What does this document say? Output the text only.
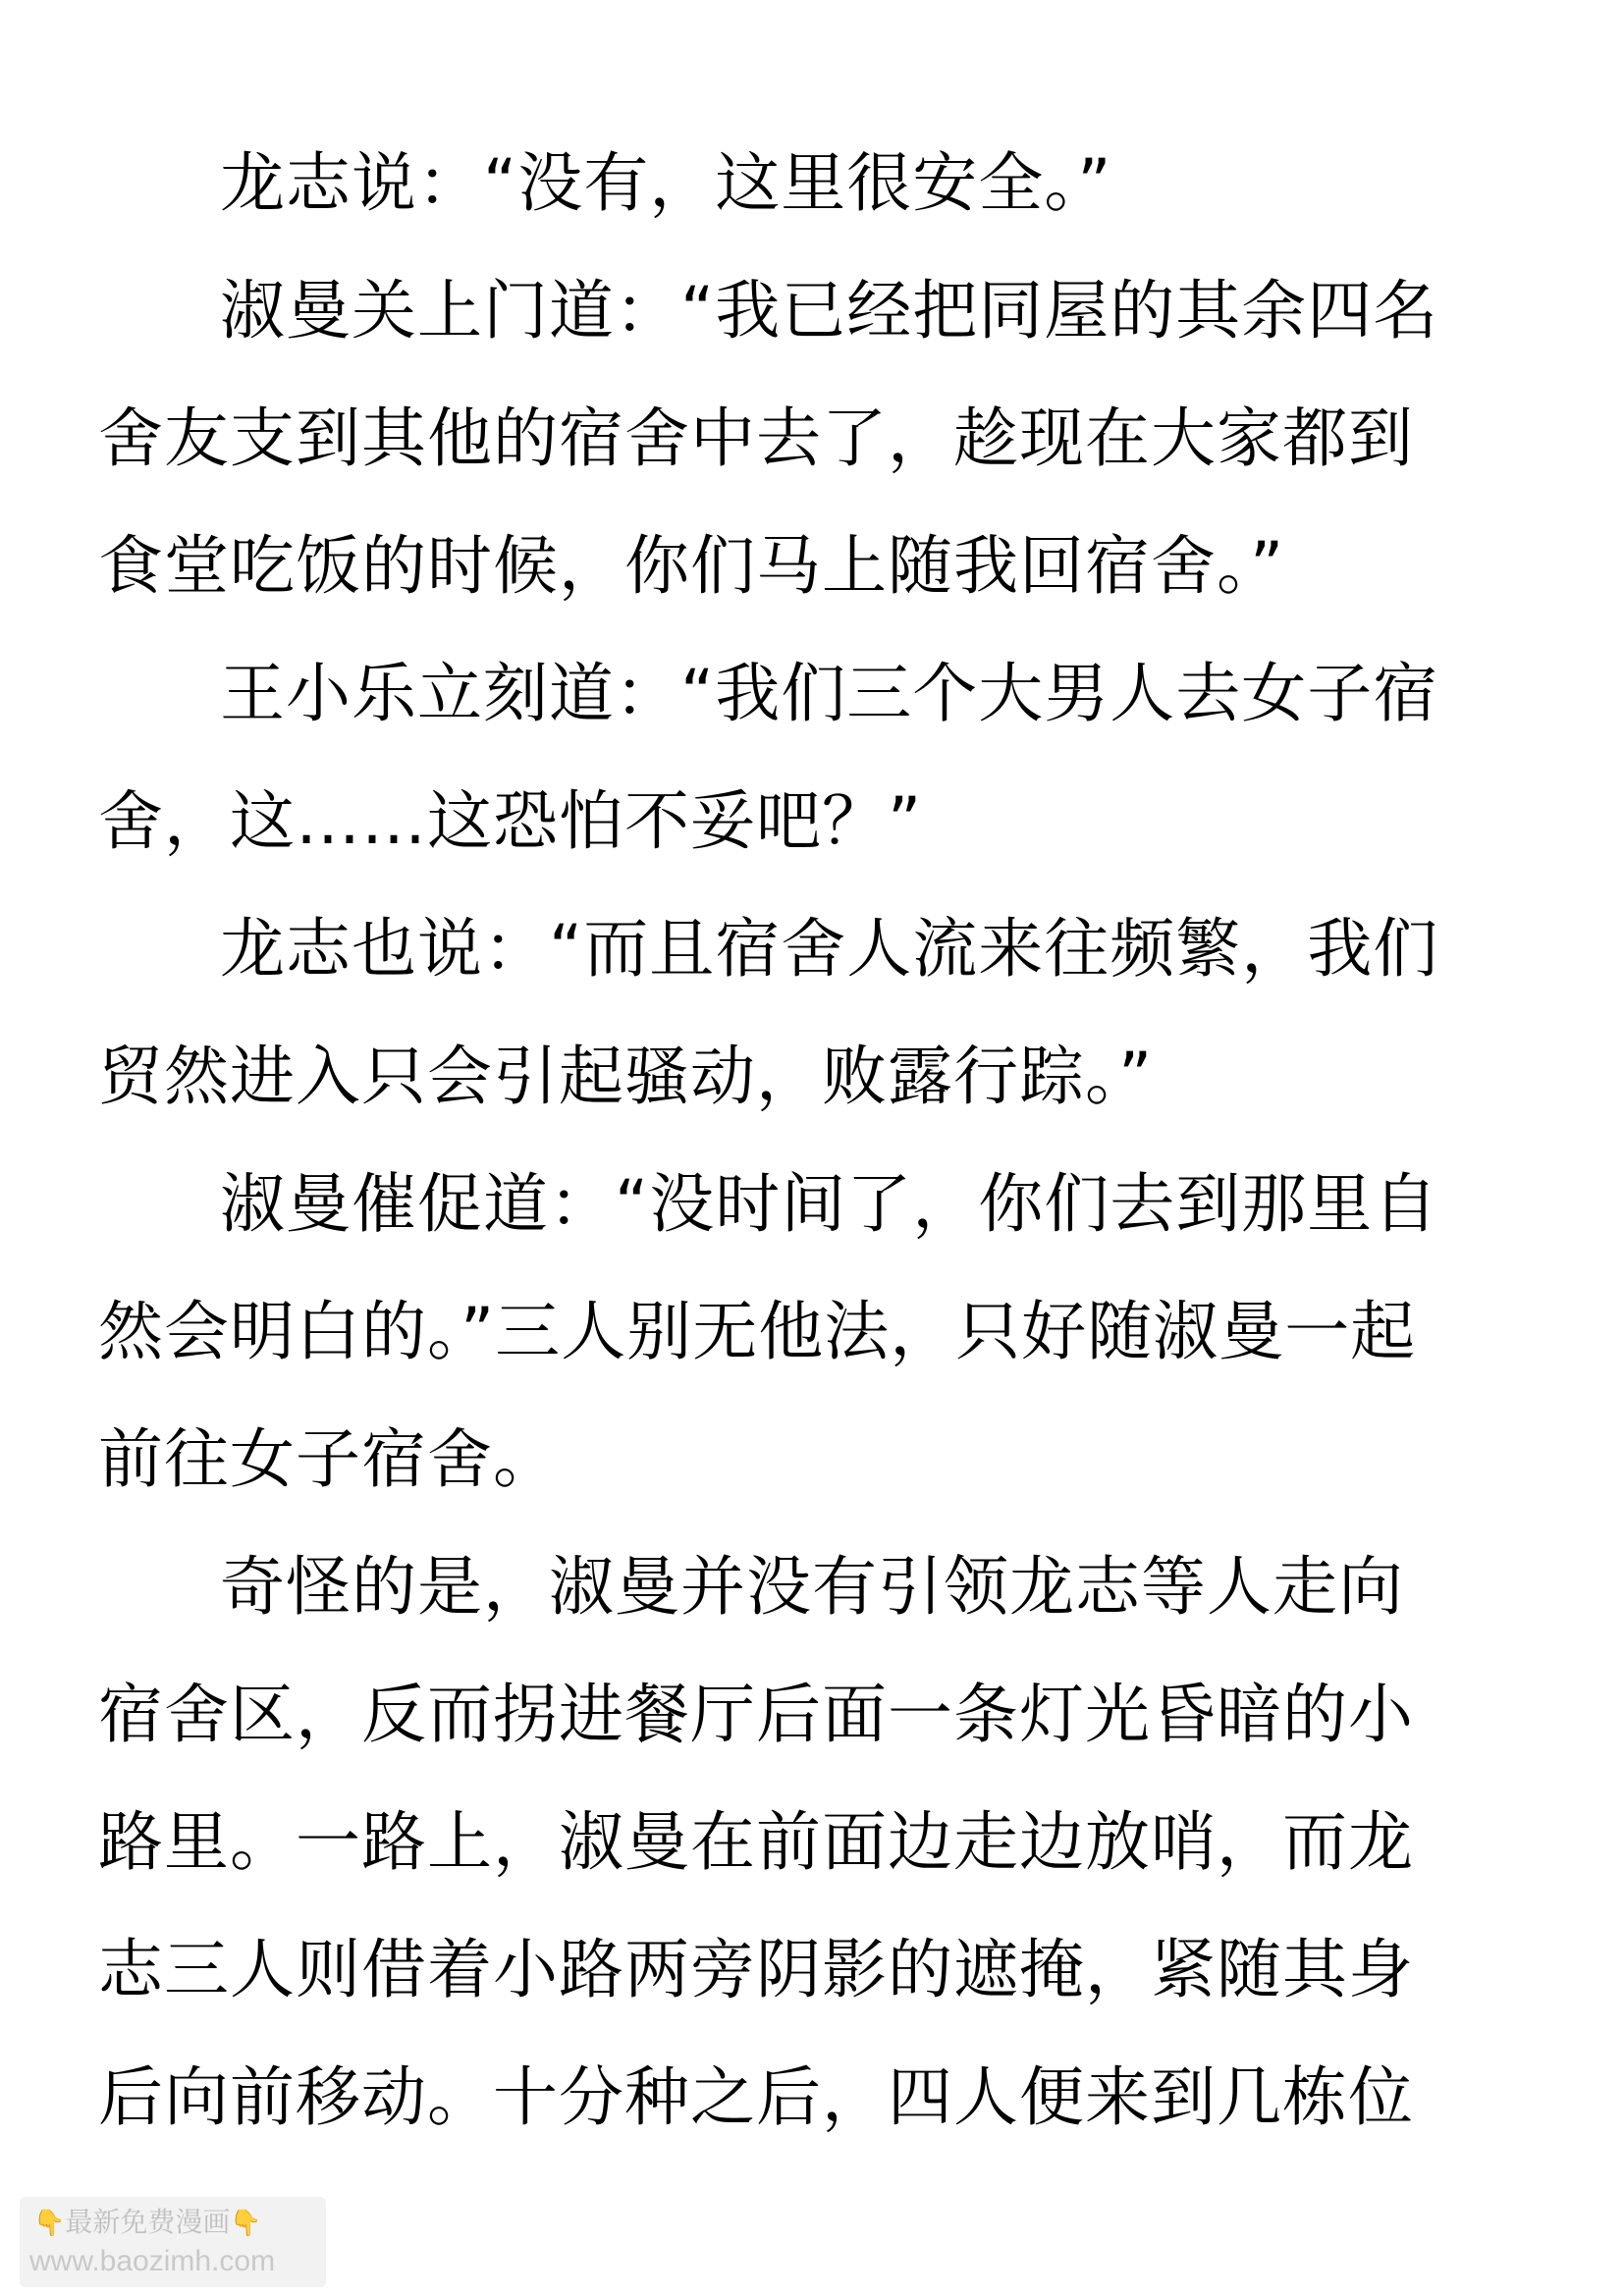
龙志说：“没有，这里很安全。”
淑曼关上门道：“我已经把同屋的其余四名
舍友支到其他的宿舍中去了，趁现在大家都到
食堂吃饭的时候，你们马上随我回宿舍。”
王小乐立刻道：“我们三个大男人去女子宿
舍，这……这恐怕不妥吧？”
龙志也说：“而且宿舍人流来往频繁，我们
贸然进入只会引起骚动，败露行踪。”
淑曼催促道：“没时间了，你们去到那里自
然会明白的。”三人别无他法，只好随淑曼一起
前往女子宿舍。
奇怪的是，淑曼并没有引领龙志等人走向
宿舍区，反而拐进餐厅后面一条灯光昏暗的小
路里。一路上，淑曼在前面边走边放哨，而龙
志三人则借着小路两旁阴影的遮掩，紧随其身
后向前移动。十分种之后，四人便来到几栋位
👇最新免费漫画👇
www.baozimh.com
